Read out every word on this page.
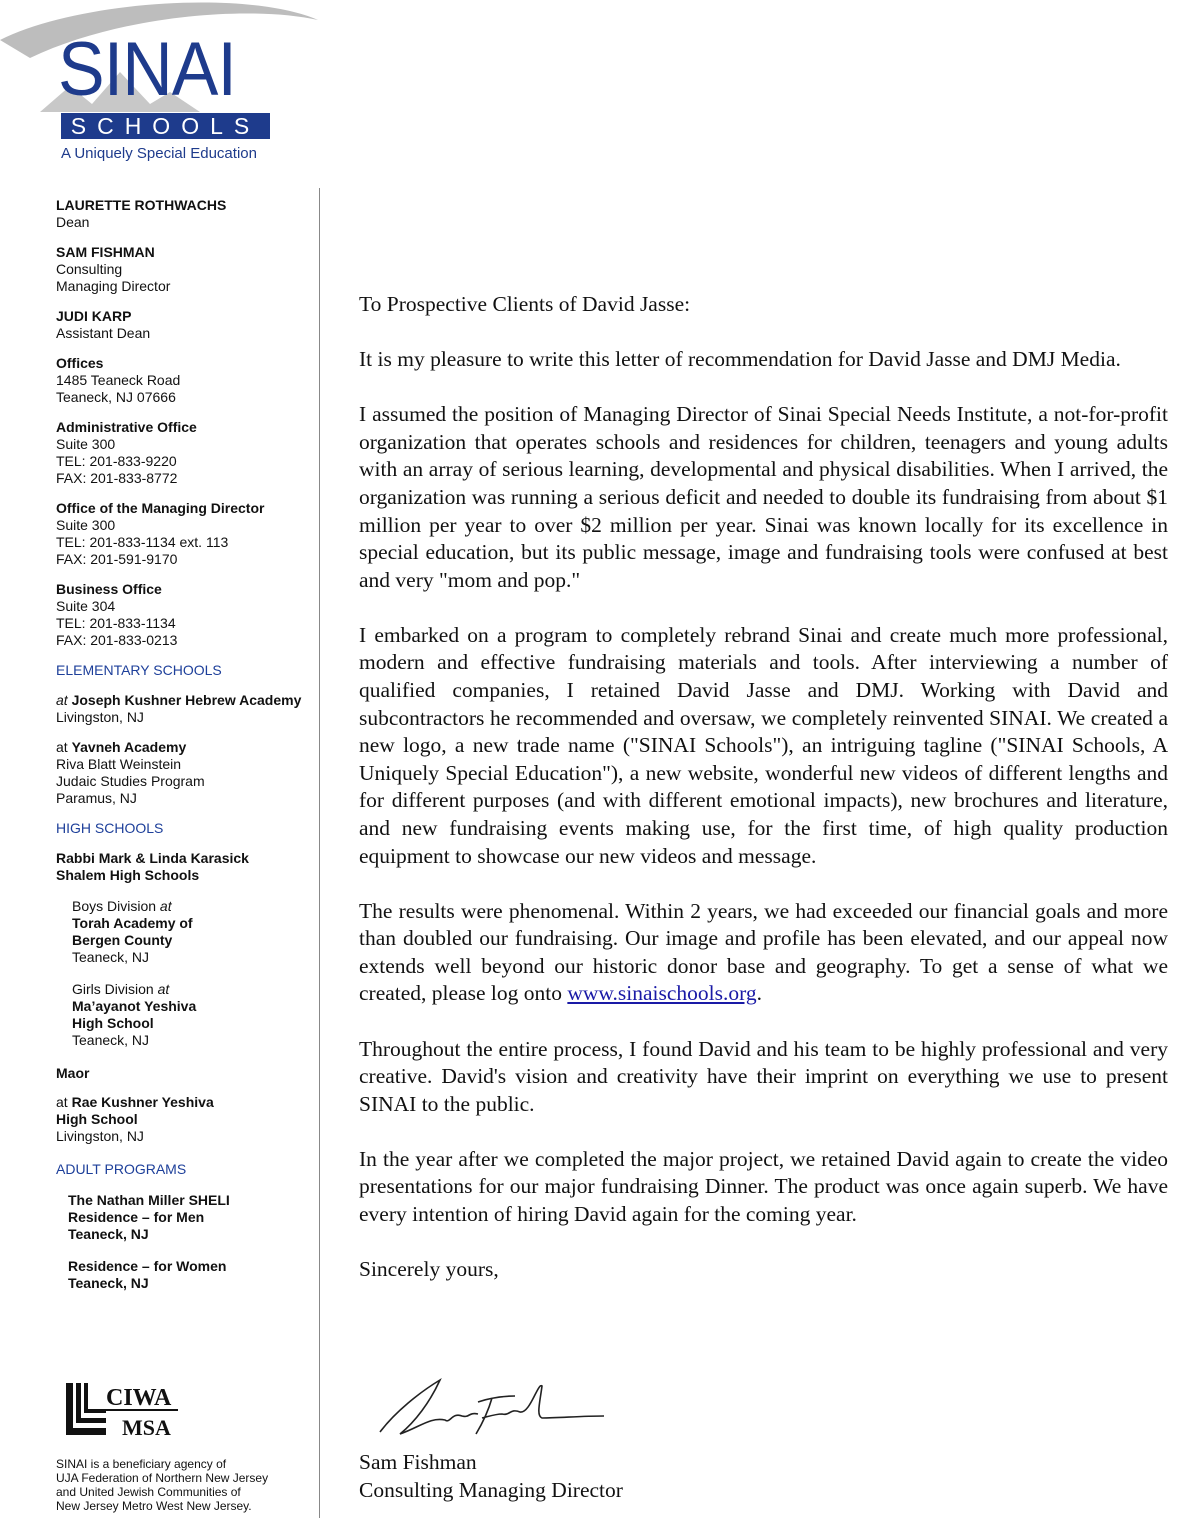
SINAI
SCHOOLS
A Uniquely Special Education
LAURETTE ROTHWACHS
Dean
SAM FISHMAN
Consulting
Managing Director
JUDI KARP
Assistant Dean
Offices
1485 Teaneck Road
Teaneck, NJ 07666
Administrative Office
Suite 300
TEL: 201-833-9220
FAX: 201-833-8772
Office of the Managing Director
Suite 300
TEL: 201-833-1134 ext. 113
FAX: 201-591-9170
Business Office
Suite 304
TEL: 201-833-1134
FAX: 201-833-0213
ELEMENTARY SCHOOLS
at Joseph Kushner Hebrew Academy
Livingston, NJ
at Yavneh Academy
Riva Blatt Weinstein
Judaic Studies Program
Paramus, NJ
HIGH SCHOOLS
Rabbi Mark & Linda Karasick
Shalem High Schools
Boys Division at
Torah Academy of
Bergen County
Teaneck, NJ
Girls Division at
Ma’ayanot Yeshiva
High School
Teaneck, NJ
Maor
at Rae Kushner Yeshiva
High School
Livingston, NJ
ADULT PROGRAMS
The Nathan Miller SHELI
Residence – for Men
Teaneck, NJ
Residence – for Women
Teaneck, NJ
CIWA
MSA
SINAI is a beneficiary agency of
UJA Federation of Northern New Jersey
and United Jewish Communities of
New Jersey Metro West New Jersey.

To Prospective Clients of David Jasse:

It is my pleasure to write this letter of recommendation for David Jasse and DMJ Media.

I assumed the position of Managing Director of Sinai Special Needs Institute, a not-for-profit organization that operates schools and residences for children, teenagers and young adults with an array of serious learning, developmental and physical disabilities. When I arrived, the organization was running a serious deficit and needed to double its fundraising from about $1 million per year to over $2 million per year. Sinai was known locally for its excellence in special education, but its public message, image and fundraising tools were confused at best and very "mom and pop."

I embarked on a program to completely rebrand Sinai and create much more professional, modern and effective fundraising materials and tools. After interviewing a number of qualified companies, I retained David Jasse and DMJ. Working with David and subcontractors he recommended and oversaw, we completely reinvented SINAI. We created a new logo, a new trade name ("SINAI Schools"), an intriguing tagline ("SINAI Schools, A Uniquely Special Education"), a new website, wonderful new videos of different lengths and for different purposes (and with different emotional impacts), new brochures and literature, and new fundraising events making use, for the first time, of high quality production equipment to showcase our new videos and message.

The results were phenomenal. Within 2 years, we had exceeded our financial goals and more than doubled our fundraising. Our image and profile has been elevated, and our appeal now extends well beyond our historic donor base and geography. To get a sense of what we created, please log onto www.sinaischools.org.

Throughout the entire process, I found David and his team to be highly professional and very creative. David's vision and creativity have their imprint on everything we use to present SINAI to the public.

In the year after we completed the major project, we retained David again to create the video presentations for our major fundraising Dinner. The product was once again superb. We have every intention of hiring David again for the coming year.

Sincerely yours,

Sam Fishman
Consulting Managing Director
